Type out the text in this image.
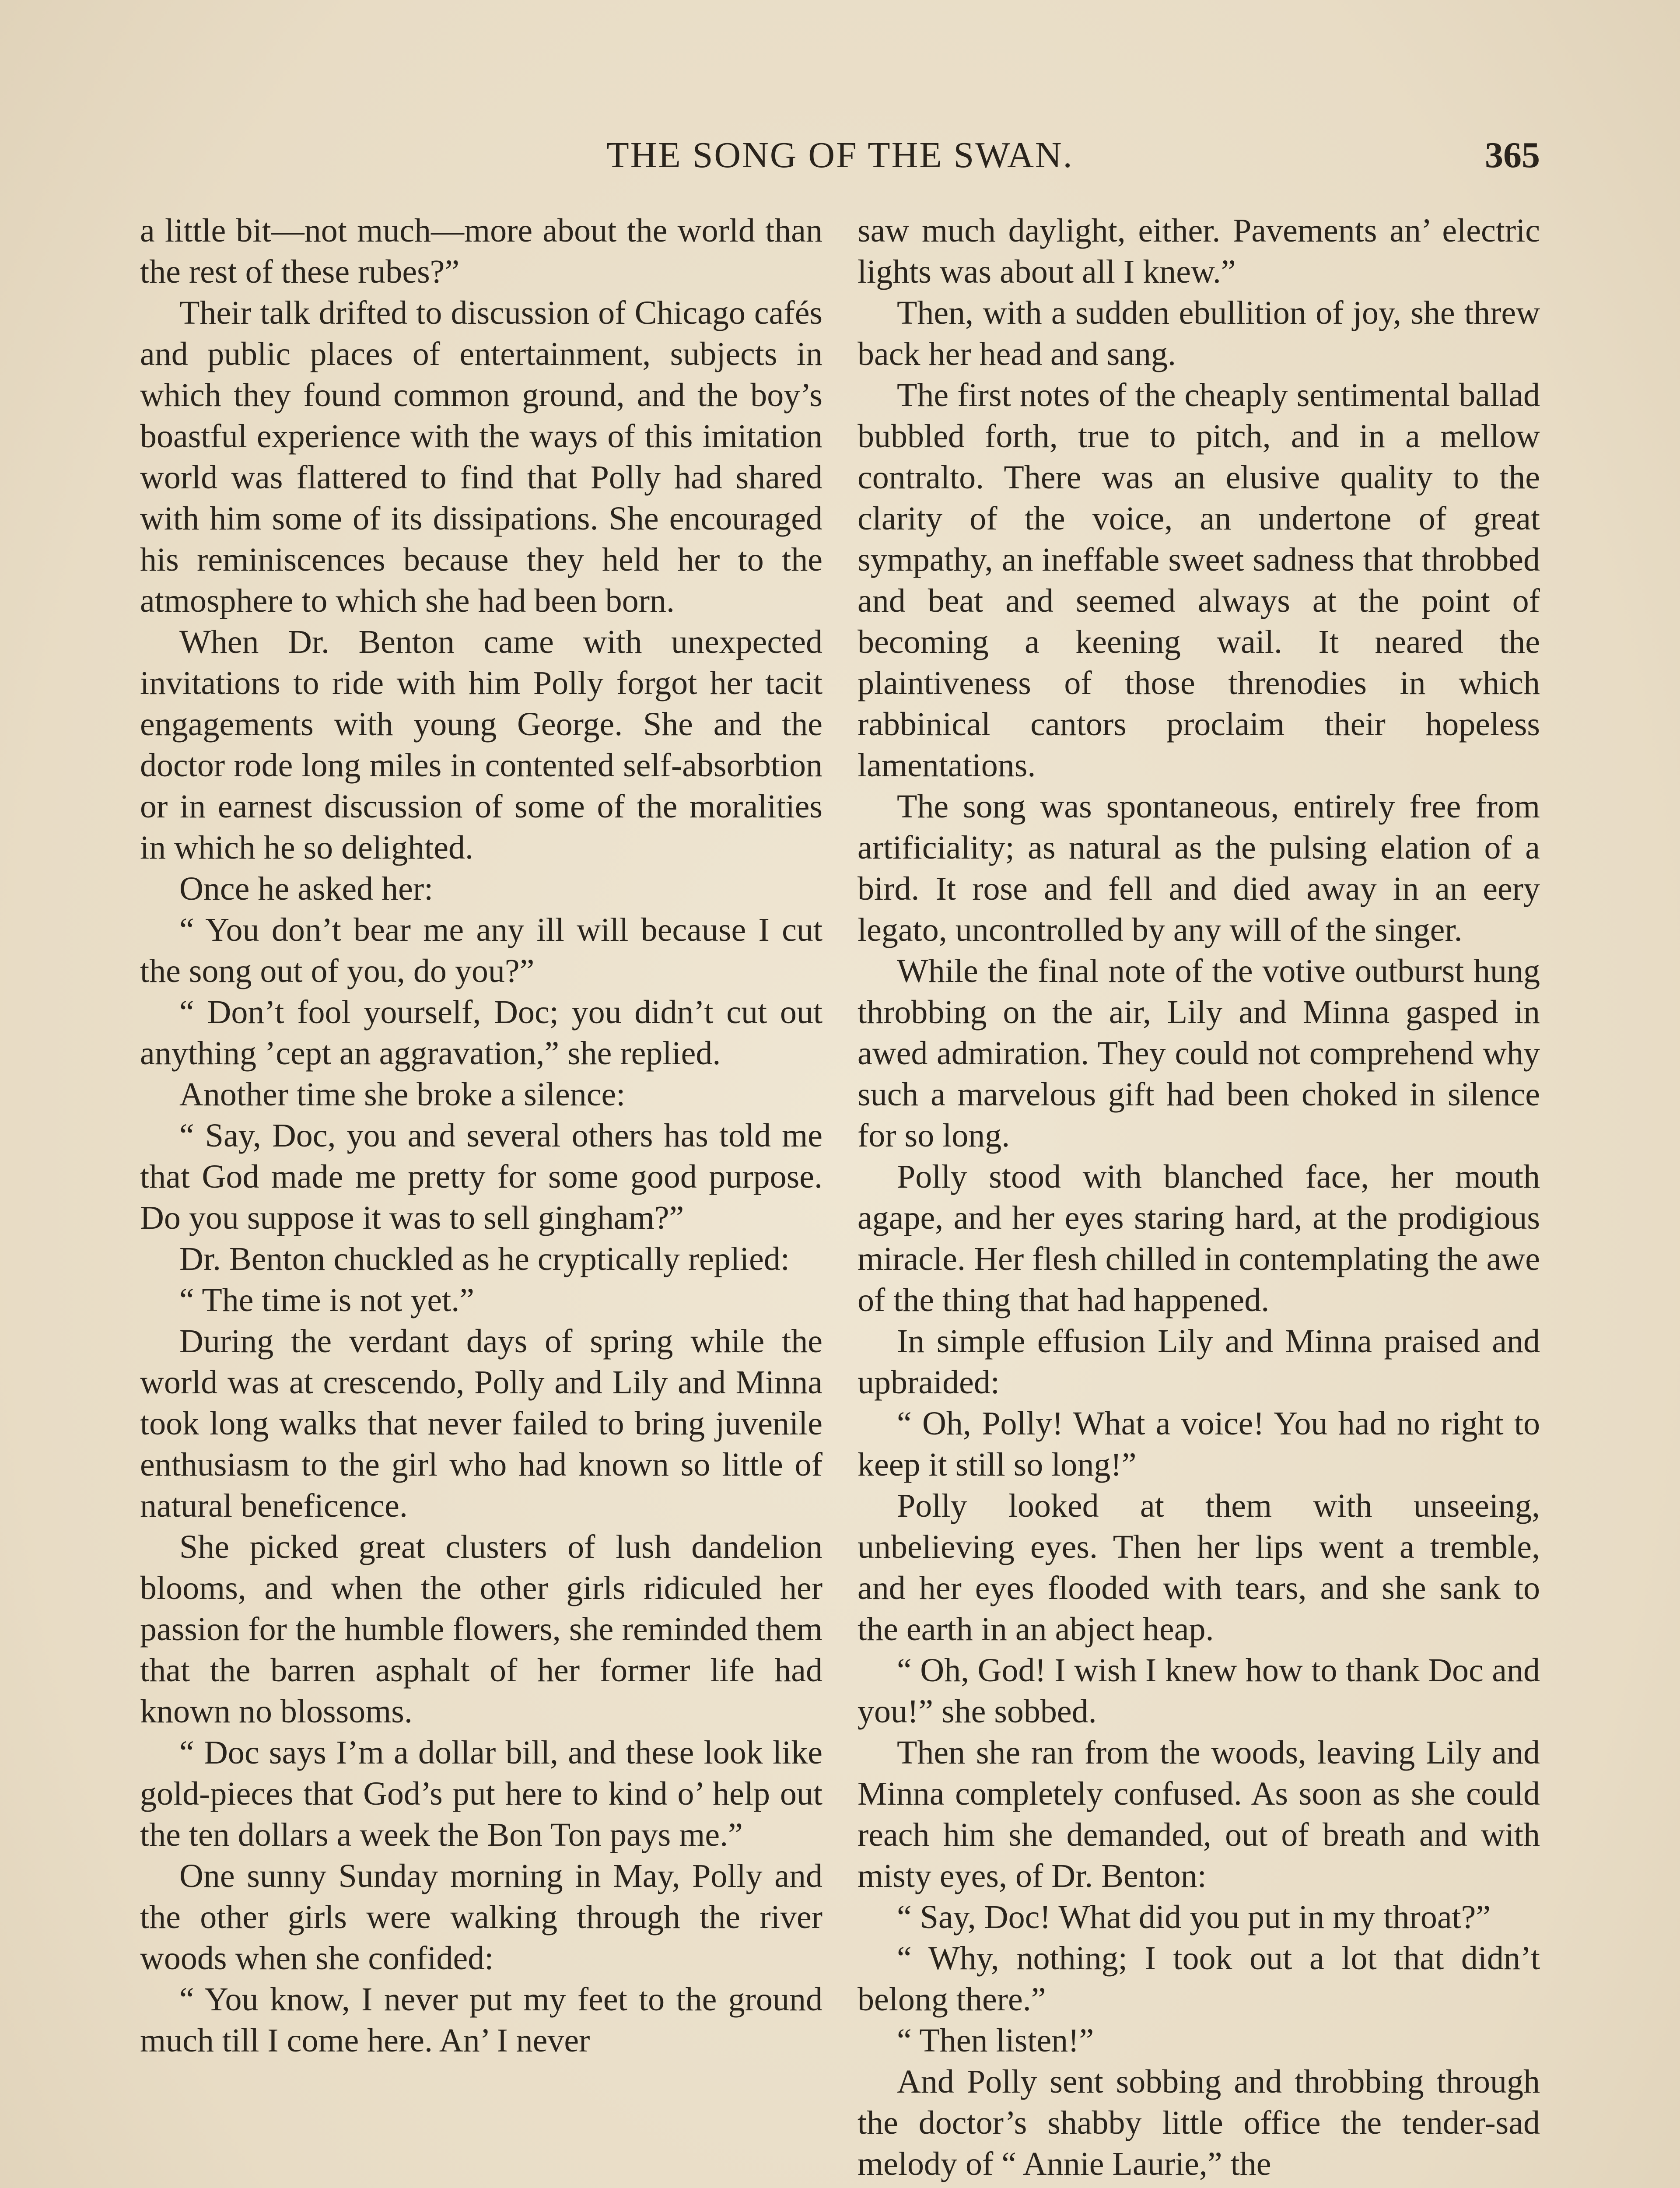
THE SONG OF THE SWAN.	365

a little bit—not much—more about the world than the rest of these rubes?”

Their talk drifted to discussion of Chicago cafés and public places of entertainment, subjects in which they found common ground, and the boy’s boastful experience with the ways of this imitation world was flattered to find that Polly had shared with him some of its dissipations. She encouraged his reminiscences because they held her to the atmosphere to which she had been born.

When Dr. Benton came with unexpected invitations to ride with him Polly forgot her tacit engagements with young George. She and the doctor rode long miles in contented self-absorbtion or in earnest discussion of some of the moralities in which he so delighted.

Once he asked her:

“ You don’t bear me any ill will because I cut the song out of you, do you?”

“ Don’t fool yourself, Doc; you didn’t cut out anything ’cept an aggravation,” she replied.

Another time she broke a silence:

“ Say, Doc, you and several others has told me that God made me pretty for some good purpose. Do you suppose it was to sell gingham?”

Dr. Benton chuckled as he cryptically replied:

“ The time is not yet.”

During the verdant days of spring while the world was at crescendo, Polly and Lily and Minna took long walks that never failed to bring juvenile enthusiasm to the girl who had known so little of natural beneficence.

She picked great clusters of lush dandelion blooms, and when the other girls ridiculed her passion for the humble flowers, she reminded them that the barren asphalt of her former life had known no blossoms.

“ Doc says I’m a dollar bill, and these look like gold-pieces that God’s put here to kind o’ help out the ten dollars a week the Bon Ton pays me.”

One sunny Sunday morning in May, Polly and the other girls were walking through the river woods when she confided:

“ You know, I never put my feet to the ground much till I come here. An’ I never

saw much daylight, either. Pavements an’ electric lights was about all I knew.”

Then, with a sudden ebullition of joy, she threw back her head and sang.

The first notes of the cheaply sentimental ballad bubbled forth, true to pitch, and in a mellow contralto. There was an elusive quality to the clarity of the voice, an undertone of great sympathy, an ineffable sweet sadness that throbbed and beat and seemed always at the point of becoming a keening wail. It neared the plaintiveness of those threnodies in which rabbinical cantors proclaim their hopeless lamentations.

The song was spontaneous, entirely free from artificiality; as natural as the pulsing elation of a bird. It rose and fell and died away in an eery legato, uncontrolled by any will of the singer.

While the final note of the votive outburst hung throbbing on the air, Lily and Minna gasped in awed admiration. They could not comprehend why such a marvelous gift had been choked in silence for so long.

Polly stood with blanched face, her mouth agape, and her eyes staring hard, at the prodigious miracle. Her flesh chilled in contemplating the awe of the thing that had happened.

In simple effusion Lily and Minna praised and upbraided:

“ Oh, Polly! What a voice! You had no right to keep it still so long!”

Polly looked at them with unseeing, unbelieving eyes. Then her lips went a tremble, and her eyes flooded with tears, and she sank to the earth in an abject heap.

“ Oh, God! I wish I knew how to thank Doc and you!” she sobbed.

Then she ran from the woods, leaving Lily and Minna completely confused. As soon as she could reach him she demanded, out of breath and with misty eyes, of Dr. Benton:

“ Say, Doc! What did you put in my throat?”

“ Why, nothing; I took out a lot that didn’t belong there.”

“ Then listen!”

And Polly sent sobbing and throbbing through the doctor’s shabby little office the tender-sad melody of “ Annie Laurie,” the
